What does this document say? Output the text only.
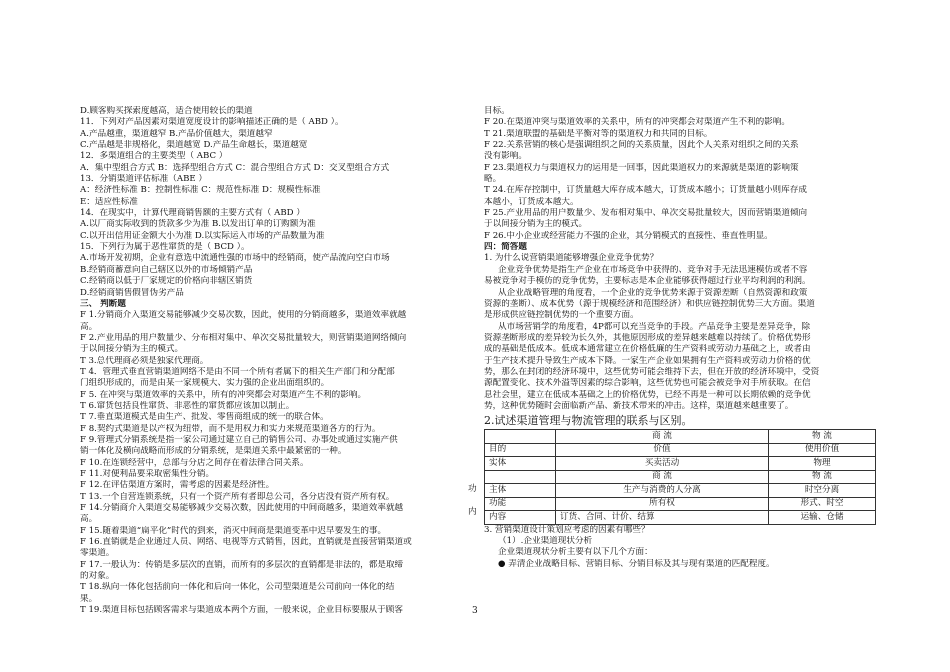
D.顾客购买探索度越高，适合使用较长的渠道
11．下列对产品因素对渠道宽度设计的影响描述正确的是（ ABD ）。
A.产品越重，渠道越窄 B.产品价值越大，渠道越窄
C.产品越是非规格化，渠道越宽 D.产品生命越长，渠道越宽
12．多渠道组合的主要类型（ ABC ）
A．集中型组合方式 B：选择型组合方式 C：混合型组合方式 D：交叉型组合方式
13．分销渠道评估标准（ABE ）
A：经济性标准 B：控制性标准 C：规范性标准 D：规模性标准
E：适应性标准
14．在现实中，计算代理商销售额的主要方式有（ ABD ）
A.以厂商实际收到的货款多少为准 B.以发出订单的订购额为准
C.以开出信用证金额大小为准 D.以实际运入市场的产品数量为准
15．下列行为属于恶性窜货的是（ BCD ）。
A.市场开发初期，企业有意选中流通性强的市场中的经销商，使产品流向空白市场
B.经销商蓄意向自己辖区以外的市场倾销产品
C.经销商以低于厂家规定的价格向非辖区销货
D.经销商销售假冒伪劣产品
三、 判断题
F 1.分销商介入渠道交易能够减少交易次数，因此，使用的分销商越多，渠道效率就越
高。
F 2.产业用品的用户数量少、分布相对集中、单次交易批量较大，则营销渠道网络倾向
于以间接分销为主的模式。
T 3.总代理商必须是独家代理商。
T 4．管理式垂直营销渠道网络不是由不同一个所有者属下的相关生产部门和分配部
门组织形成的，而是由某一家规模大、实力强的企业出面组织的。
F 5. 在冲突与渠道效率的关系中，所有的冲突都会对渠道产生不利的影响。
T 6.窜货包括良性窜货、非恶性的窜货都应该加以制止。
T 7.垂直渠道模式是由生产、批发、零售商组成的统一的联合体。
F 8.契约式渠道是以产权为纽带，而不是用权力和实力来规范渠道各方的行为。
F 9.管理式分销系统是指一家公司通过建立自己的销售公司、办事处或通过实施产供
销一体化及横向战略而形成的分销系统，是渠道关系中最紧密的一种。
F 10.在连锁经营中，总部与分店之间存在着法律合同关系。
F 11.对便利品要采取密集性分销。
F 12.在评估渠道方案时，需考虑的因素是经济性。
T 13.一个自营连锁系统，只有一个资产所有者即总公司，各分店没有资产所有权。
F 14.分销商介入渠道交易能够减少交易次数，因此使用的中间商越多，渠道效率就越
高。
F 15.随着渠道“扁平化”时代的到来，消灭中间商是渠道变革中迟早要发生的事。
F 16.直销就是企业通过人员、网络、电视等方式销售，因此，直销就是直接营销渠道或
零渠道。
F 17.一般认为：传销是多层次的直销，而所有的多层次的直销都是非法的，都是取缔
的对象。
T 18.纵向一体化包括前向一体化和后向一体化，公司型渠道是公司前向一体化的结
果。
T 19.渠道目标包括顾客需求与渠道成本两个方面，一般来说，企业目标要服从于顾客
目标。
F 20.在渠道冲突与渠道效率的关系中，所有的冲突都会对渠道产生不利的影响。
T 21.渠道联盟的基础是平衡对等的渠道权力和共同的目标。
F 22.关系营销的核心是强调组织之间的关系质量，因此个人关系对组织之间的关系
没有影响。
F 23.渠道权力与渠道权力的运用是一回事，因此渠道权力的来源就是渠道的影响策
略。
T 24.在库存控制中，订货量越大库存成本越大，订货成本越小；订货量越小则库存成
本越小，订货成本越大。
F 25.产业用品的用户数量少、发布相对集中、单次交易批量较大，因而营销渠道倾向
于以间接分销为主的模式。
F 26.中小企业或经营能力不强的企业，其分销模式的直接性、垂直性明显。
四：简答题
1. 为什么说营销渠道能够增强企业竞争优势？
企业竞争优势是指生产企业在市场竞争中获得的、竞争对手无法迅速模仿或者不容
易被竞争对手模仿的竞争优势，主要标志是本企业能够获得超过行业平均利润的利润。
从企业战略管理的角度看，一个企业的竞争优势来源于资源差断（自然资源和政策
资源的垄断）、成本优势（源于规模经济和范围经济）和供应链控制优势三大方面。渠道
是形成供应链控制优势的一个重要方面。
从市场营销学的角度看，4P都可以充当竞争的手段。产品竞争主要是差异竞争，除
资源垄断形成的差异较为长久外，其他原因形成的差异越来越难以持续了。价格优势形
成的基础是低成本。低成本通常建立在价格低廉的生产资料或劳动力基础之上，或者由
于生产技术提升导致生产成本下降。一家生产企业如果拥有生产资料或劳动力价格的优
势，那么在封闭的经济环境中，这些优势可能会维持下去，但在开放的经济环境中，受资
源配置变化、技术外溢等因素的综合影响，这些优势也可能会被竞争对手所获取。在信
息社会里，建立在低成本基础之上的价格优势，已经不再是一种可以长期依赖的竞争优
势，这种优势随时会面临新产品、新技术带来的冲击。这样，渠道越来越重要了。
2.试述渠道管理与物流管理的联系与区别。
	商 流	物 流
目的	价值	使用价值
实体	买卖活动	物理
	商 流	物 流
主体	生产与消费的人分离	时空分离
功能	所有权	形式、时空
内容	订货、合同、计价、结算	运输、仓储
3. 营销渠道设计策划应考虑的因素有哪些？
（1）.企业渠道现状分析
企业渠道现状分析主要有以下几个方面：
● 弄清企业战略目标、营销目标、分销目标及其与现有渠道的匹配程度。
功
内
3
